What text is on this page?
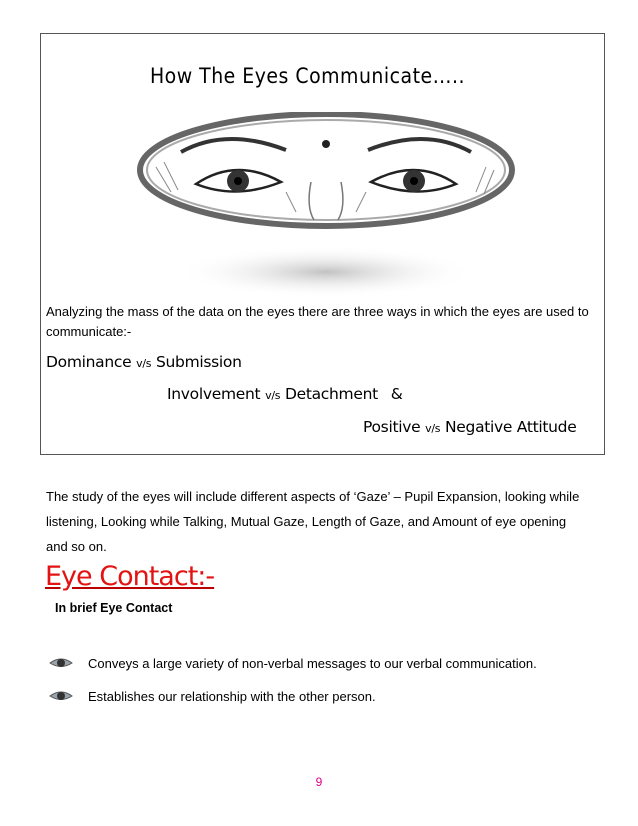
How The Eyes Communicate…..
Analyzing the mass of the data on the eyes there are three ways in which the eyes are used to communicate:-
Dominance v/s Submission
Involvement v/s Detachment &
Positive v/s Negative Attitude
The study of the eyes will include different aspects of ‘Gaze’ – Pupil Expansion, looking while listening, Looking while Talking, Mutual Gaze, Length of Gaze, and Amount of eye opening and so on.
Eye Contact:-
In brief Eye Contact
Conveys a large variety of non-verbal messages to our verbal communication.
Establishes our relationship with the other person.
9
